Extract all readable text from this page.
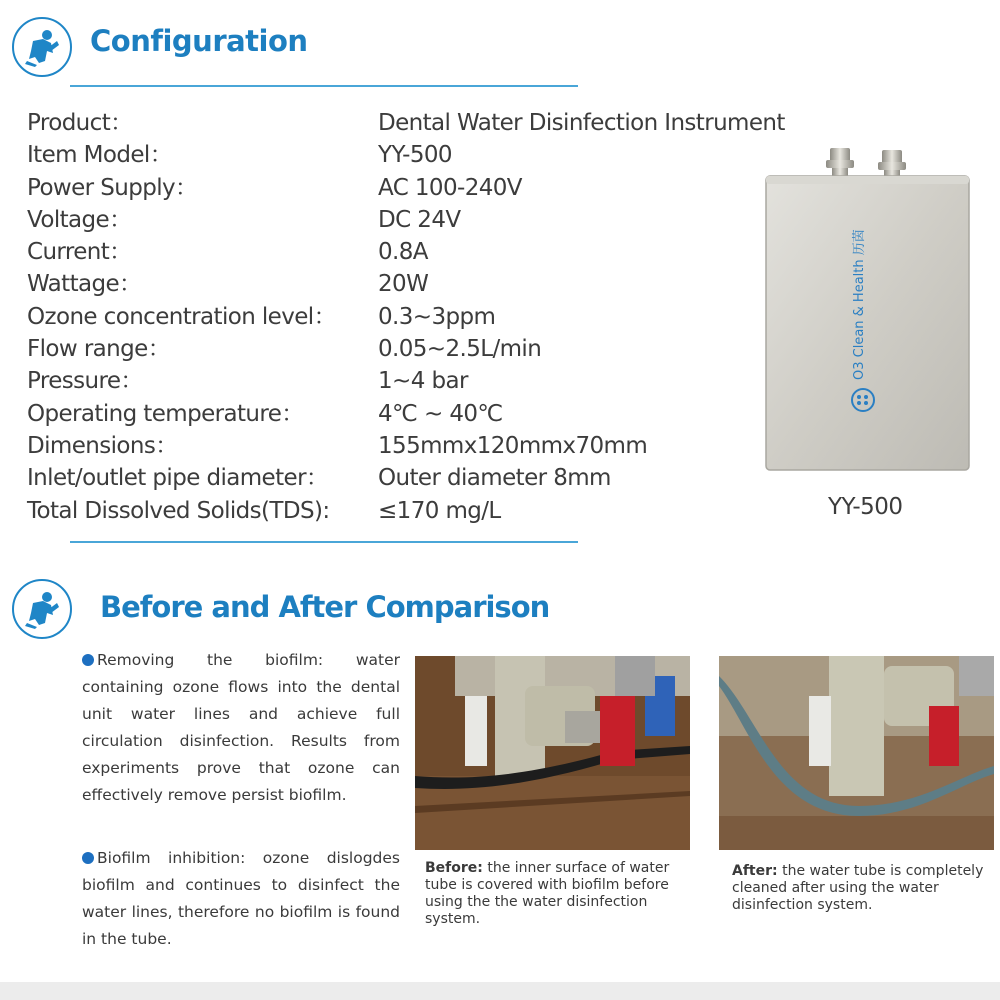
Configuration
Product：	Dental Water Disinfection Instrument
Item Model：	YY-500
Power Supply：	AC 100-240V
Voltage：	DC 24V
Current：	0.8A
Wattage：	20W
Ozone concentration level： 0.3~3ppm
Flow range：	0.05~2.5L/min
Pressure：	1~4 bar
Operating temperature：	4℃ ~ 40℃
Dimensions：	155mmx120mmx70mm
Inlet/outlet pipe diameter： Outer diameter 8mm
Total Dissolved Solids(TDS): ≤170 mg/L
O3 Clean & Health 历茵
YY-500
Before and After Comparison
Removing the biofilm: water containing ozone flows into the dental unit water lines and achieve full circulation disinfection. Results from experiments prove that ozone can effectively remove persist biofilm.
Biofilm inhibition: ozone dislogdes biofilm and continues to disinfect the water lines, therefore no biofilm is found in the tube.
Before: the inner surface of water tube is covered with biofilm before using the the water disinfection system.
After: the water tube is completely cleaned after using the water disinfection system.
